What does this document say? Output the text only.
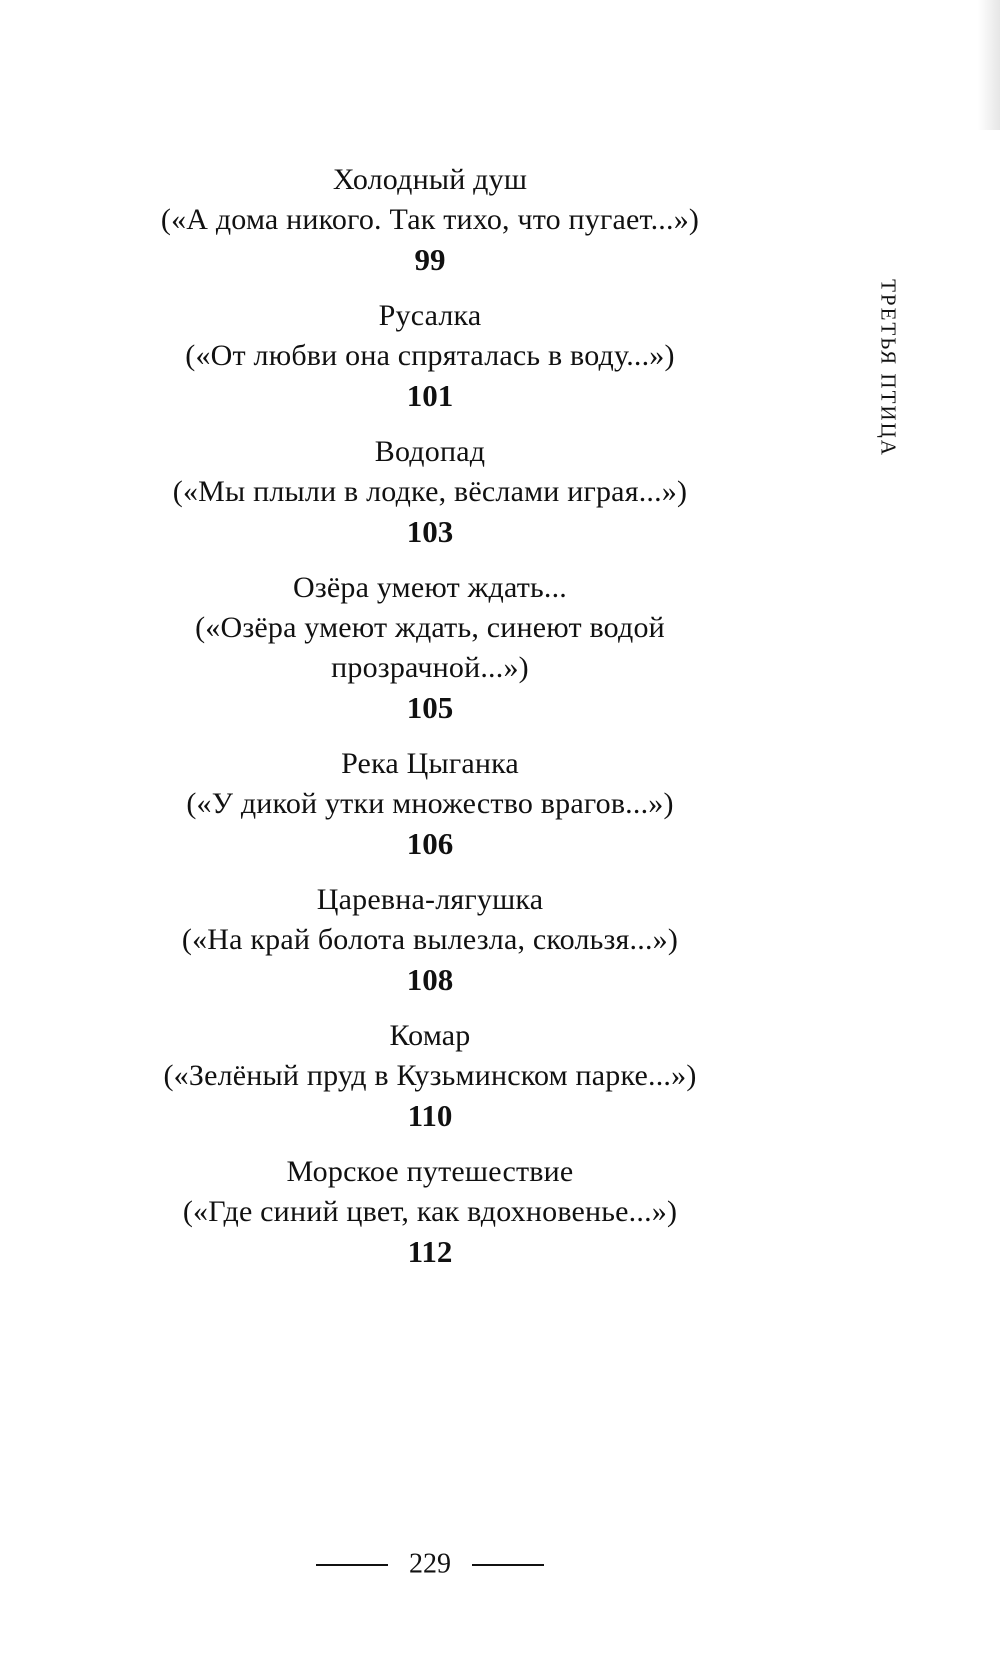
Холодный душ
(«А дома никого. Так тихо, что пугает...»)
99
Русалка
(«От любви она спряталась в воду...»)
101
Водопад
(«Мы плыли в лодке, вёслами играя...»)
103
Озёра умеют ждать...
(«Озёра умеют ждать, синеют водой прозрачной...»)
105
Река Цыганка
(«У дикой утки множество врагов...»)
106
Царевна-лягушка
(«На край болота вылезла, скользя...»)
108
Комар
(«Зелёный пруд в Кузьминском парке...»)
110
Морское путешествие
(«Где синий цвет, как вдохновенье...»)
112
ТРЕТЬЯ ПТИЦА
229
